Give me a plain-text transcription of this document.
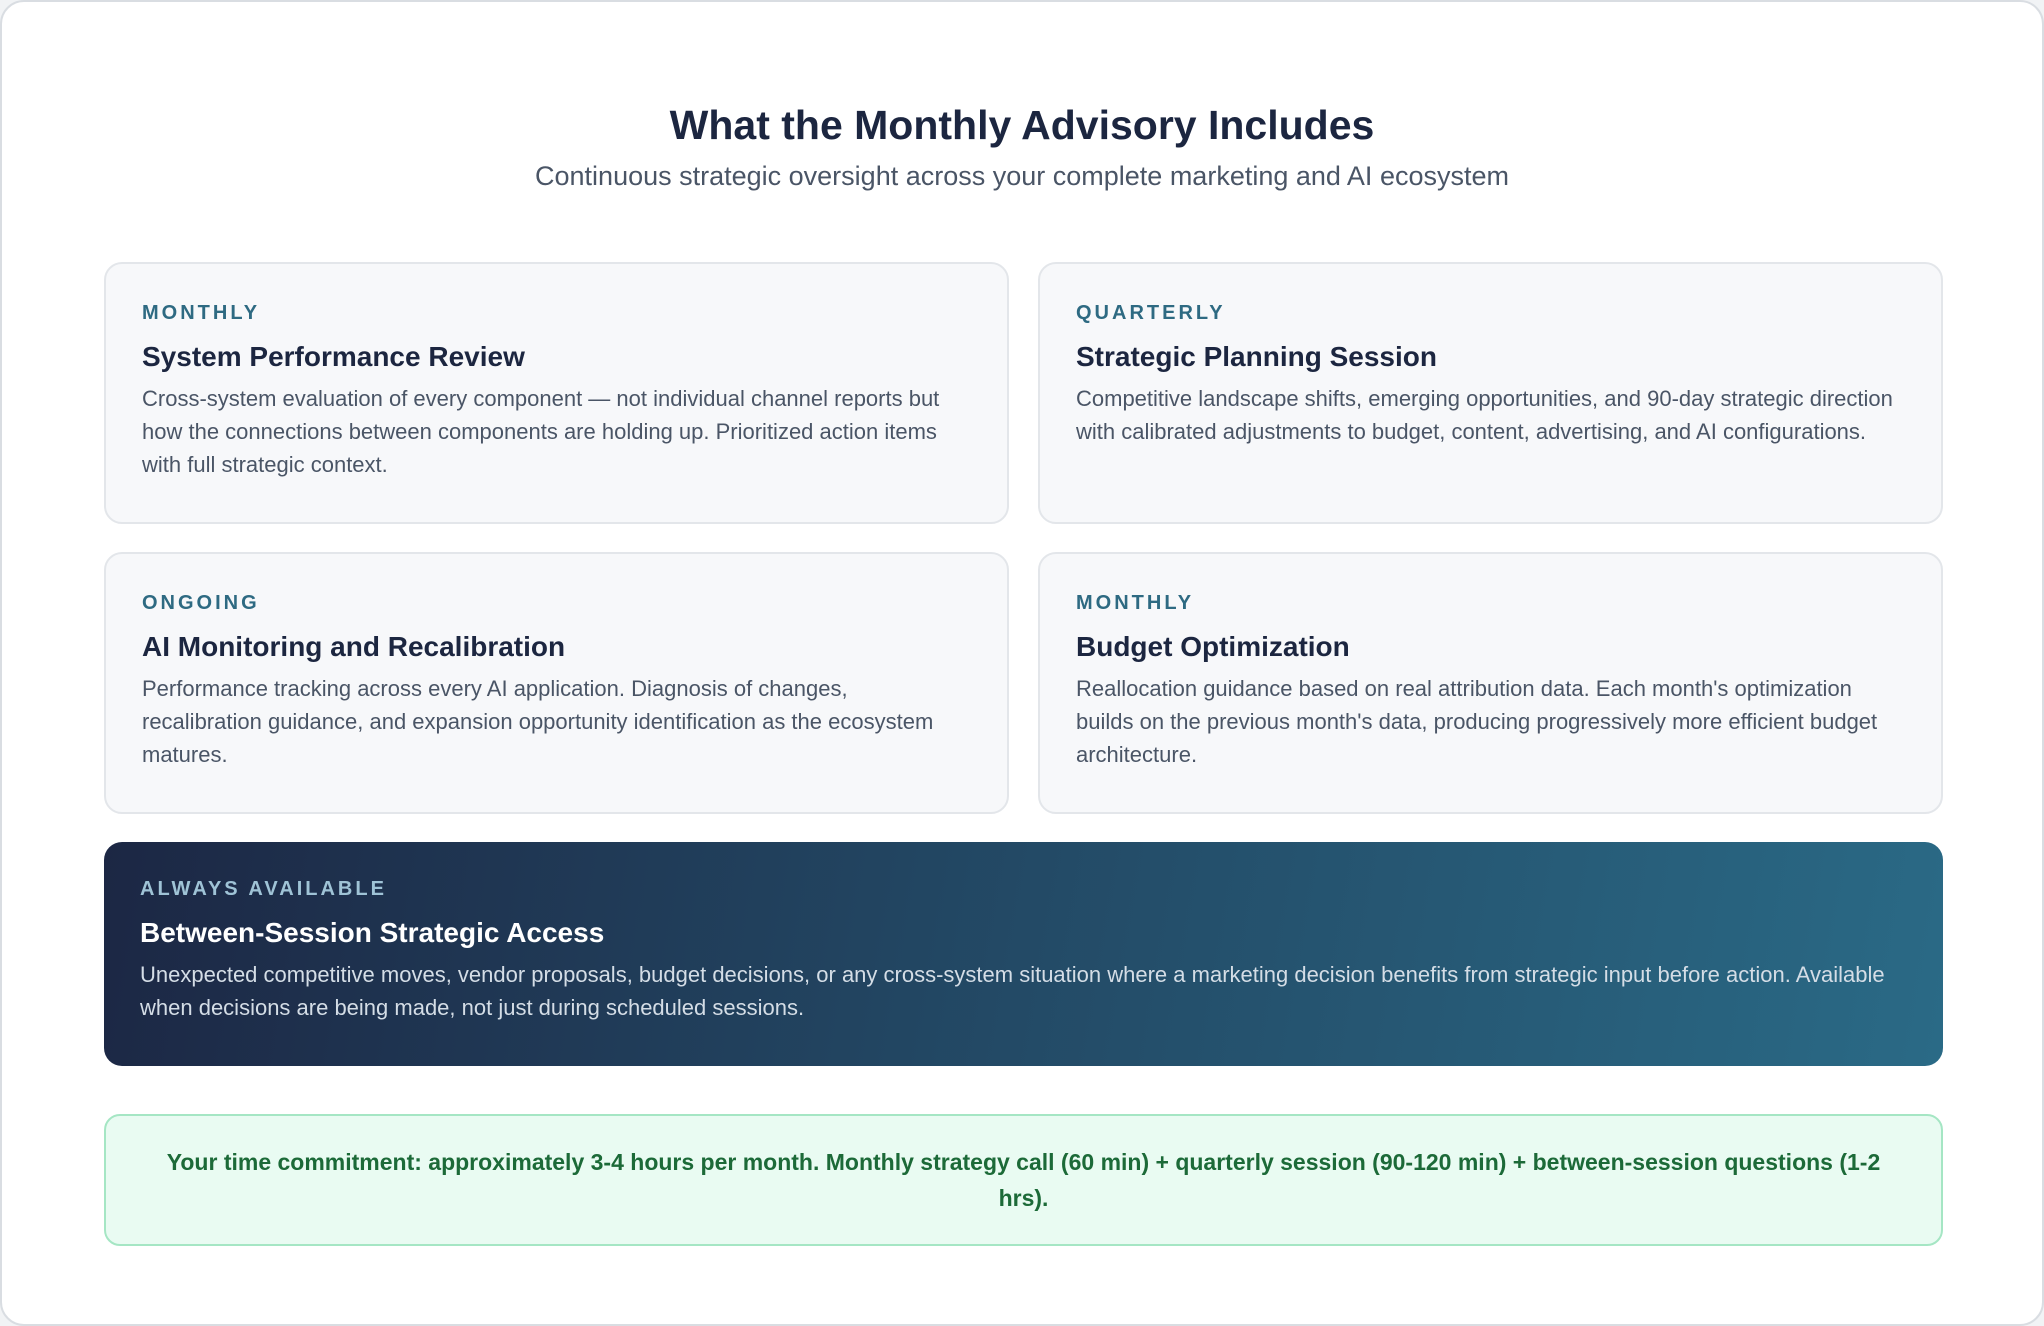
What the Monthly Advisory Includes

Continuous strategic oversight across your complete marketing and AI ecosystem

MONTHLY
System Performance Review

Cross-system evaluation of every component — not individual channel reports but how the connections between components are holding up. Prioritized action items with full strategic context.

QUARTERLY
Strategic Planning Session

Competitive landscape shifts, emerging opportunities, and 90-day strategic direction with calibrated adjustments to budget, content, advertising, and AI configurations.

ONGOING
AI Monitoring and Recalibration

Performance tracking across every AI application. Diagnosis of changes, recalibration guidance, and expansion opportunity identification as the ecosystem matures.

MONTHLY
Budget Optimization

Reallocation guidance based on real attribution data. Each month's optimization builds on the previous month's data, producing progressively more efficient budget architecture.

ALWAYS AVAILABLE
Between-Session Strategic Access

Unexpected competitive moves, vendor proposals, budget decisions, or any cross-system situation where a marketing decision benefits from strategic input before action. Available when decisions are being made, not just during scheduled sessions.

Your time commitment: approximately 3-4 hours per month. Monthly strategy call (60 min) + quarterly session (90-120 min) + between-session questions (1-2 hrs).
